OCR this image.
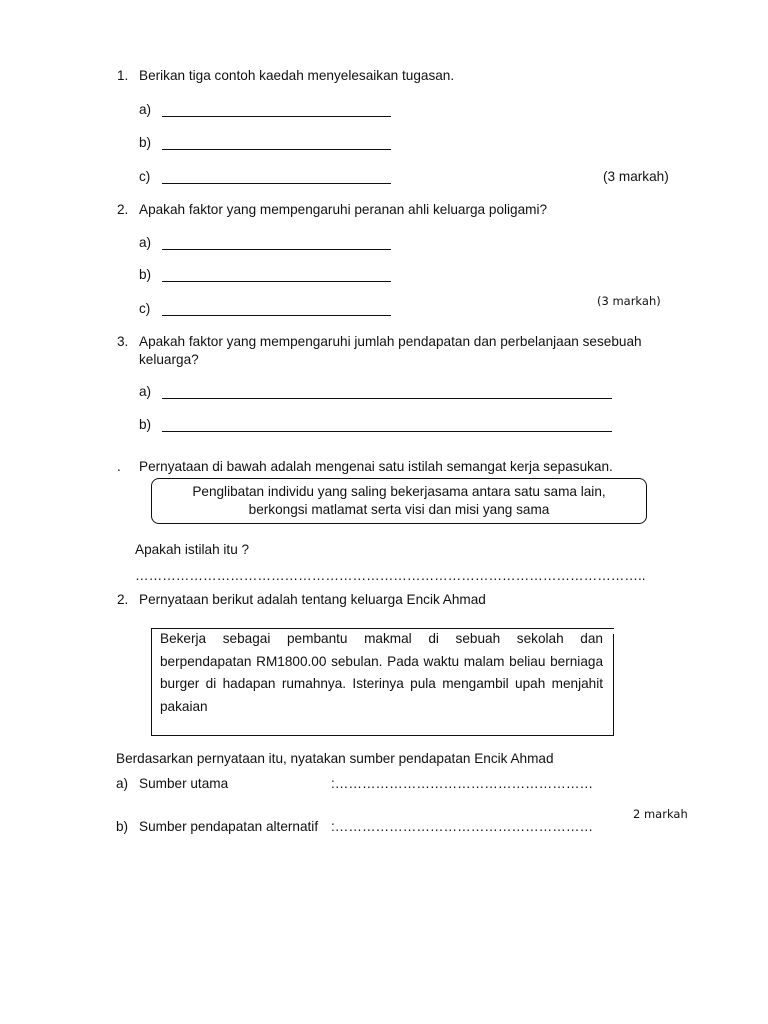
1. Berikan tiga contoh kaedah menyelesaikan tugasan.
a)
b)
c)	(3 markah)
2. Apakah faktor yang mempengaruhi peranan ahli keluarga poligami?
a)
b)
c)	(3 markah)
3. Apakah faktor yang mempengaruhi jumlah pendapatan dan perbelanjaan sesebuah
keluarga?
a)
b)
. Pernyataan di bawah adalah mengenai satu istilah semangat kerja sepasukan.
Penglibatan individu yang saling bekerjasama antara satu sama lain,
berkongsi matlamat serta visi dan misi yang sama
Apakah istilah itu ?
…………………………………………………………………………………………………..
2. Pernyataan berikut adalah tentang keluarga Encik Ahmad
Bekerja sebagai pembantu makmal di sebuah sekolah dan berpendapatan RM1800.00 sebulan. Pada waktu malam beliau berniaga burger di hadapan rumahnya. Isterinya pula mengambil upah menjahit pakaian
Berdasarkan pernyataan itu, nyatakan sumber pendapatan Encik Ahmad
a) Sumber utama	:…………………………………………………
2 markah
b) Sumber pendapatan alternatif :…………………………………………………
